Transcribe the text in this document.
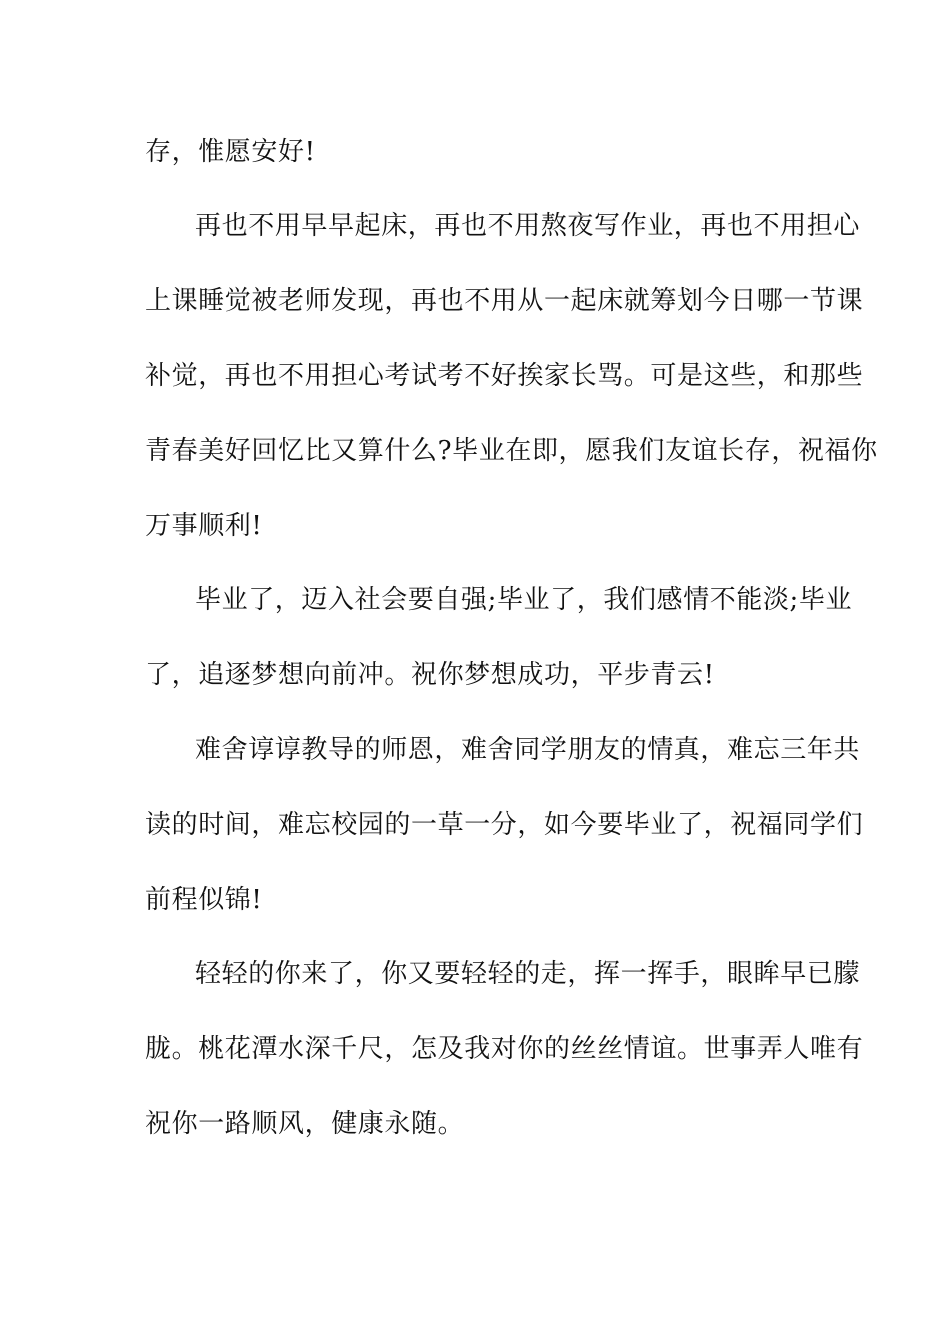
存，惟愿安好!
再也不用早早起床，再也不用熬夜写作业，再也不用担心
上课睡觉被老师发现，再也不用从一起床就筹划今日哪一节课
补觉，再也不用担心考试考不好挨家长骂。可是这些，和那些
青春美好回忆比又算什么?毕业在即，愿我们友谊长存，祝福你
万事顺利!
毕业了，迈入社会要自强;毕业了，我们感情不能淡;毕业
了，追逐梦想向前冲。祝你梦想成功，平步青云!
难舍谆谆教导的师恩，难舍同学朋友的情真，难忘三年共
读的时间，难忘校园的一草一分，如今要毕业了，祝福同学们
前程似锦!
轻轻的你来了，你又要轻轻的走，挥一挥手，眼眸早已朦
胧。桃花潭水深千尺，怎及我对你的丝丝情谊。世事弄人唯有
祝你一路顺风，健康永随。
